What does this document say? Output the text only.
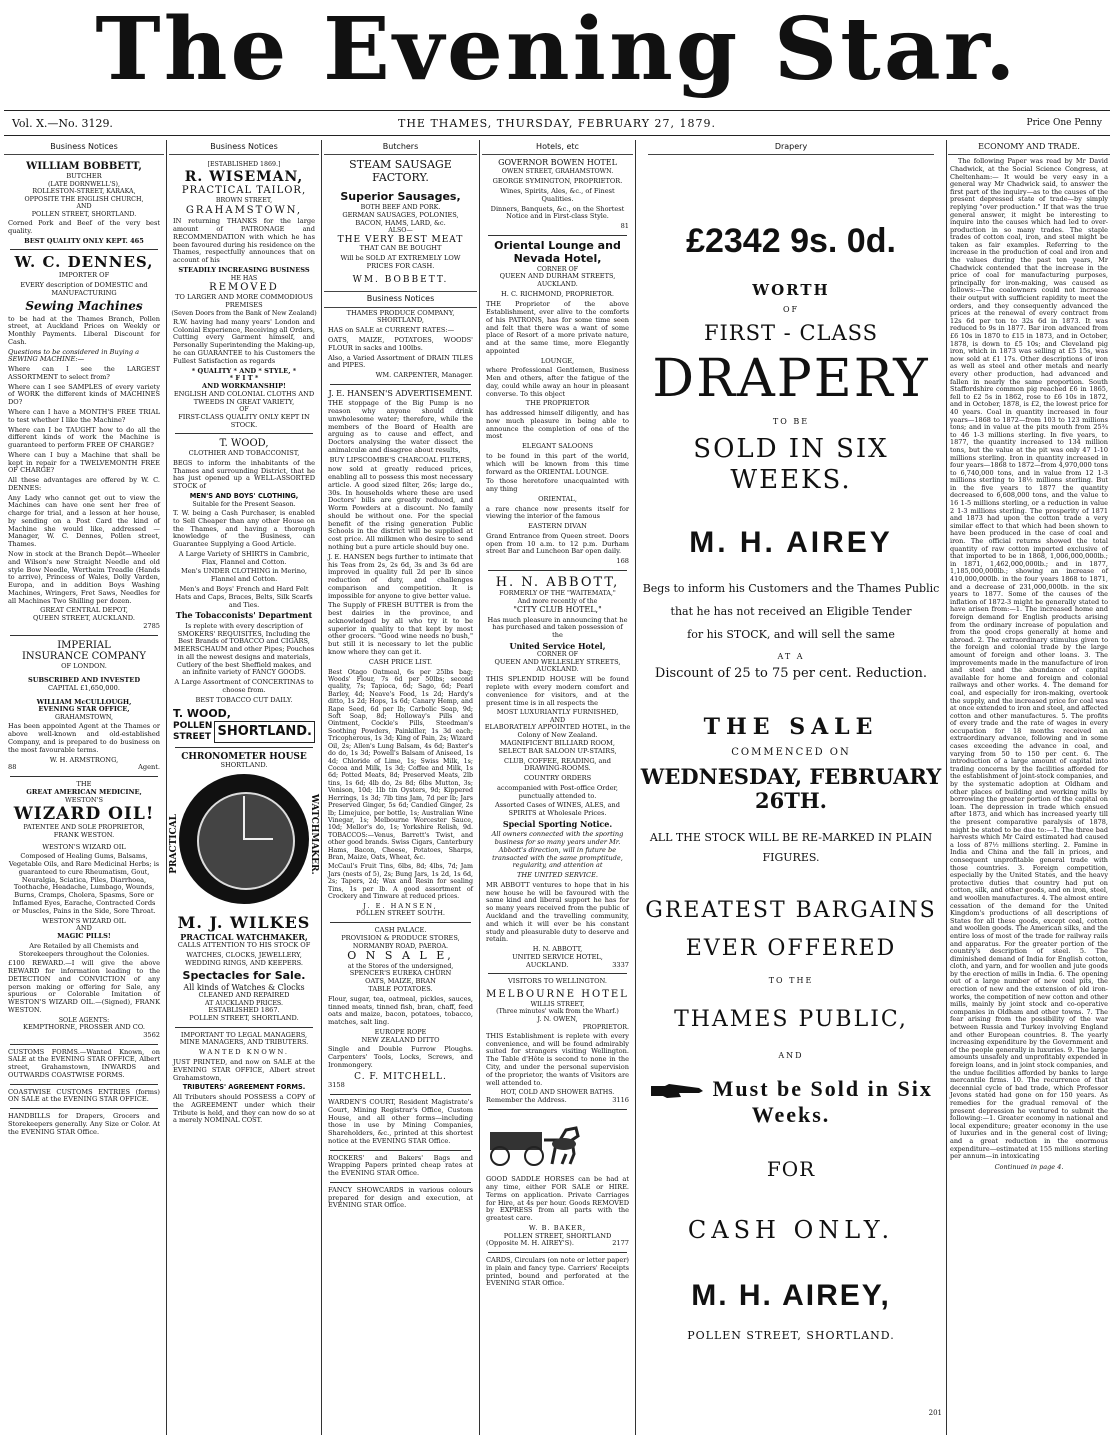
The Evening Star.
Vol. X.—No. 3129.	THE THAMES, THURSDAY, FEBRUARY 27, 1879.	Price One Penny
Business Notices
WILLIAM BOBBETT,
BUTCHER
(LATE DORNWELL'S),
ROLLESTON-STREET, KARAKA,
OPPOSITE THE ENGLISH CHURCH,
AND
POLLEN STREET, SHORTLAND.

Corned Pork and Beef of the very best quality.

BEST QUALITY ONLY KEPT. 465
W. C. DENNES,
IMPORTER OF

EVERY description of DOMESTIC and MANUFACTURING

Sewing Machines

to be had at the Thames Branch, Pollen street, at Auckland Prices on Weekly or Monthly Payments. Liberal Discount for Cash.

Questions to be considered in Buying a SEWING MACHINE:—

Where can I see the LARGEST ASSORTMENT to select from?

Where can I see SAMPLES of every variety of WORK the different kinds of MACHINES DO?

Where can I have a MONTH'S FREE TRIAL to test whether I like the Machine?

Where can I be TAUGHT how to do all the different kinds of work the Machine is guaranteed to perform FREE OF CHARGE?

Where can I buy a Machine that shall be kept in repair for a TWELVEMONTH FREE OF CHARGE?

All these advantages are offered by W. C. DENNES:

Any Lady who cannot get out to view the Machines can have one sent her free of charge for trial, and a lesson at her house, by sending on a Post Card the kind of Machine she would like, addressed — Manager, W. C. Dennes, Pollen street, Thames.

Now in stock at the Branch Depôt—Wheeler and Wilson's new Straight Needle and old style Bow Needle, Wertheim Treadle (Hands to arrive), Princess of Wales, Dolly Varden, Europa, and in addition Boys Washing Machines, Wringers, Fret Saws, Needles for all Machines Two Shilling per dozen.

GREAT CENTRAL DEPOT,
QUEEN STREET, AUCKLAND.
2785
IMPERIAL
INSURANCE COMPANY
OF LONDON.
SUBSCRIBED AND INVESTED
CAPITAL £1,650,000.
WILLIAM McCULLOUGH,
EVENING STAR OFFICE,
GRAHAMSTOWN,

Has been appointed Agent at the Thames or above well-known and old-established Company, and is prepared to do business on the most favourable terms.

W. H. ARMSTRONG,
88	Agent.
THE
GREAT AMERICAN MEDICINE,
WESTON'S
WIZARD OIL!
PATENTEE AND SOLE PROPRIETOR,
FRANK WESTON.
WESTON'S WIZARD OIL

Composed of Healing Gums, Balsams, Vegetable Oils, and Rare Medicinal Herbs; is guaranteed to cure Rheumatism, Gout, Neuralgia, Sciatica, Piles, Diarrhoea, Toothache, Headache, Lumbago, Wounds, Burns, Cramps, Cholera, Spasms, Sore or Inflamed Eyes, Earache, Contracted Cords or Muscles, Pains in the Side, Sore Throat.

WESTON'S WIZARD OIL
AND
MAGIC PILLS!

Are Retailed by all Chemists and Storekeepers throughout the Colonies.

£100 REWARD.—I will give the above REWARD for information leading to the DETECTION and CONVICTION of any person making or offering for Sale, any spurious or Colorable Imitation of WESTON'S WIZARD OIL.—(Signed), FRANK WESTON.

SOLE AGENTS:
KEMPTHORNE, PROSSER AND CO.
3562

CUSTOMS FORMS.—Wanted Known, on SALE at the EVENING STAR OFFICE, Albert street, Grahamstown, INWARDS and OUTWARDS COASTWISE FORMS.

COASTWISE CUSTOMS ENTRIES (forms) ON SALE at the EVENING STAR OFFICE.

HANDBILLS for Drapers, Grocers and Storekeepers generally. Any Size or Color. At the EVENING STAR Office.

Business Notices
[ESTABLISHED 1869.]
R. WISEMAN,
PRACTICAL TAILOR,
BROWN STREET,
GRAHAMSTOWN,

IN returning THANKS for the large amount of PATRONAGE and RECOMMENDATION with which he has been favoured during his residence on the Thames, respectfully announces that on account of his

STEADILY INCREASING BUSINESS
HE HAS
REMOVED
TO LARGER AND MORE COMMODIOUS PREMISES
(Seven Doors from the Bank of New Zealand)

R.W. having had many years' London and Colonial Experience, Receiving all Orders, Cutting every Garment himself, and Personally Superintending the Making-up, he can GUARANTEE to his Customers the Fullest Satisfaction as regards

* QUALITY * AND * STYLE, *
* F I T *
AND WORKMANSHIP!
ENGLISH AND COLONIAL CLOTHS AND TWEEDS IN GREAT VARIETY,
OF
FIRST-CLASS QUALITY ONLY KEPT IN STOCK.
T. WOOD,
CLOTHIER AND TOBACCONIST,

BEGS to inform the inhabitants of the Thames and surrounding District, that he has just opened up a WELL-ASSORTED STOCK of

MEN'S AND BOYS' CLOTHING,
Suitable for the Present Season.

T. W. being a Cash Purchaser, is enabled to Sell Cheaper than any other House on the Thames, and having a thorough knowledge of the Business, can Guarantee Supplying a Good Article.

A Large Variety of SHIRTS in Cambric, Flax, Flannel and Cotton.

Men's UNDER CLOTHING in Merino, Flannel and Cotton.

Men's and Boys' French and Hard Felt Hats and Caps, Braces, Belts, Silk Scarfs and Ties.

The Tobacconists' Department

Is replete with every description of SMOKERS' REQUISITES, Including the Best Brands of TOBACCO and CIGARS, MEERSCHAUM and other Pipes; Pouches in all the newest designs and materials, Cutlery of the best Sheffield makes, and an infinite variety of FANCY GOODS.

A Large Assortment of CONCERTINAS to choose from.

BEST TOBACCO CUT DAILY.
T. WOOD,
SHORTLAND.
POLLEN STREET
CHRONOMETER HOUSE
SHORTLAND.
PRACTICAL	WATCHMAKER.
M. J. WILKES
PRACTICAL WATCHMAKER,
CALLS ATTENTION TO HIS STOCK OF

WATCHES, CLOCKS, JEWELLERY, WEDDING RINGS, AND KEEPERS.

Spectacles for Sale.
All kinds of Watches & Clocks
CLEANED AND REPAIRED
AT AUCKLAND PRICES.
ESTABLISHED 1867.
POLLEN STREET, SHORTLAND.

IMPORTANT TO LEGAL MANAGERS, MINE MANAGERS, AND TRIBUTERS.

WANTED KNOWN.

JUST PRINTED, and now on SALE at the EVENING STAR OFFICE, Albert street Grahamstown,

TRIBUTERS' AGREEMENT FORMS.

All Tributers should POSSESS a COPY of the AGREEMENT under which their Tribute is held, and they can now do so at a merely NOMINAL COST.

Butchers
STEAM SAUSAGE FACTORY.
Superior Sausages,
BOTH BEEF AND PORK.
GERMAN SAUSAGES, POLONIES,
BACON, HAMS, LARD, &c.
ALSO—
THE VERY BEST MEAT
THAT CAN BE BOUGHT

Will be SOLD AT EXTREMELY LOW PRICES FOR CASH.

WM. BOBBETT.
Business Notices

THAMES PRODUCE COMPANY, SHORTLAND,

HAS on SALE at CURRENT RATES:—

OATS, MAIZE, POTATOES, WOODS' FLOUR in sacks and 100lbs.

Also, a Varied Assortment of DRAIN TILES and PIPES.

WM. CARPENTER, Manager.
J. E. HANSEN'S ADVERTISEMENT.

THE stoppage of the Big Pump is no reason why anyone should drink unwholesome water; therefore, while the members of the Board of Health are arguing as to cause and effect, and Doctors analysing the water dissect the animalculæ and disagree about results,

BUY LIPSCOMBE'S CHARCOAL FILTERS,

now sold at greatly reduced prices, enabling all to possess this most necessary article. A good sized filter, 26s; large do., 30s. In households where these are used Doctors' bills are greatly reduced, and Worm Powders at a discount. No family should be without one. For the special benefit of the rising generation Public Schools in the district will be supplied at cost price. All milkmen who desire to send nothing but a pure article should buy one.

J. E. HANSEN begs further to intimate that his Teas from 2s, 2s 6d, 3s and 3s 6d are improved in quality full 2d per lb since reduction of duty, and challenges comparison and competition. It is impossible for anyone to give better value.

The Supply of FRESH BUTTER is from the best dairies in the province, and acknowledged by all who try it to be superior in quality to that kept by most other grocers. "Good wine needs no bush," but still it is necessary to let the public know where they can get it.

CASH PRICE LIST.

Best Otago Oatmeal, 6s per 25lbs bag; Woods' Flour, 7s 6d per 50lbs; second quality, 7s; Tapioca, 6d; Sago, 6d; Pearl Barley, 4d; Neave's Food, 1s 2d; Hardy's ditto, 1s 2d; Hops, 1s 6d; Canary Hemp, and Rape Seed, 6d per lb; Carbolic Soap, 9d; Soft Soap, 8d; Holloway's Pills and Ointment, Cockle's Pills, Steedman's Soothing Powders, Painkiller, 1s 3d each; Tricopherous, 1s 3d; King of Pain, 2s; Wizard Oil, 2s; Allen's Lung Balsam, 4s 6d; Baxter's do do, 1s 3d; Powell's Balsam of Aniseed, 1s 4d; Chloride of Lime, 1s; Swiss Milk, 1s; Cocoa and Milk, 1s 3d; Coffee and Milk, 1s 6d; Potted Meats, 8d; Preserved Meats, 2lb tins, 1s 6d; 4lb do, 2s 8d; 6lbs Mutton, 3s; Venison, 10d; 1lb tin Oysters, 9d; Kippered Herrings, 1s 3d; 7lb tins Jam, 7d per lb; Jars Preserved Ginger, 5s 6d; Candied Ginger, 2s lb; Limejuice, per bottle, 1s; Australian Wine Vinegar, 1s; Melbourne Worcester Sauce, 10d; Mellor's do, 1s; Yorkshire Relish, 9d. TOBACCOS:—Venus, Barrett's Twist, and other good brands. Swiss Cigars, Canterbury Hams, Bacon, Cheese, Potatoes, Sharps, Bran, Maize, Oats, Wheat, &c.

McCaul's Fruit Tins, 6lbs, 8d; 4lbs, 7d; Jam Jars (nests of 5), 2s; Bung Jars, 1s 2d, 1s 6d, 2s; Tapers, 2d; Wax and Resin for sealing Tins, 1s per lb. A good assortment of Crockery and Tinware at reduced prices.

J. E. HANSEN,
POLLEN STREET SOUTH.
CASH PALACE.
PROVISION & PRODUCE STORES,
NORMANBY ROAD, PAEROA.
O N S A L E,
at the Stores of the undersigned,
SPENCER'S EUREKA CHURN
OATS, MAIZE, BRAN
TABLE POTATOES.

Flour, sugar, tea, oatmeal, pickles, sauces, tinned meats, tinned fish, bran, chaff, feed oats and maize, bacon, potatoes, tobacco, matches, salt ling.

EUROPE ROPE
NEW ZEALAND DITTO

Single and Double Furrow Ploughs. Carpenters' Tools, Locks, Screws, and Ironmongery.

C. F. MITCHELL.
3158

WARDEN'S COURT, Resident Magistrate's Court, Mining Registrar's Office, Custom House, and all other forms—including those in use by Mining Companies, Shareholders, &c., printed at this shortest notice at the EVENING STAR Office.

ROCKERS' and Bakers' Bags and Wrapping Papers printed cheap rates at the EVENING STAR Office.

FANCY SHOWCARDS in various colours prepared for design and execution, at EVENING STAR Office.

Hotels, etc
GOVERNOR BOWEN HOTEL
OWEN STREET, GRAHAMSTOWN.
GEORGE SYMINGTON, PROPRIETOR.

Wines, Spirits, Ales, &c., of Finest Qualities.

Dinners, Banquets, &c., on the Shortest Notice and in First-class Style.

81
Oriental Lounge and Nevada Hotel,
CORNER OF
QUEEN AND DURHAM STREETS,
AUCKLAND.
H. C. RICHMOND, PROPRIETOR.

THE Proprietor of the above Establishment, ever alive to the comforts of his PATRONS, has for some time seen and felt that there was a want of some place of Resort of a more private nature, and at the same time, more Elegantly appointed

LOUNGE,

where Professional Gentlemen, Business Men and others, after the fatigue of the day, could while away an hour in pleasant converse. To this object

THE PROPRIETOR

has addressed himself diligently, and has now much pleasure in being able to announce the completion of one of the most

ELEGANT SALOONS

to be found in this part of the world, which will be known from this time forward as the ORIENTAL LOUNGE.

To those heretofore unacquainted with any thing

ORIENTAL,

a rare chance now presents itself for viewing the interior of the famous

EASTERN DIVAN

Grand Entrance from Queen street. Doors open from 10 a.m. to 12 p.m. Durham street Bar and Luncheon Bar open daily.

168
H. N. ABBOTT,
FORMERLY OF THE "WAITEMATA,"
And more recently of the
"CITY CLUB HOTEL,"

Has much pleasure in announcing that he has purchased and taken possession of the

United Service Hotel,
CORNER OF
QUEEN AND WELLESLEY STREETS, AUCKLAND.

THIS SPLENDID HOUSE will be found replete with every modern comfort and convenience for visitors, and at the present time is in all respects the

MOST LUXURIANTLY FURNISHED,
AND
ELABORATELY APPOINTED HOTEL, in the Colony of New Zealand.
MAGNIFICENT BILLIARD ROOM,
SELECT BAR SALOON UP-STAIRS,

CLUB, COFFEE, READING, and DRAWING-ROOMS.

COUNTRY ORDERS

accompanied with Post-office Order, punctually attended to.

Assorted Cases of WINES, ALES, and SPIRITS at Wholesale Prices.

Special Sporting Notice.

All owners connected with the sporting business for so many years under Mr. Abbott's direction, will in future be transacted with the same promptitude, regularity, and attention at

THE UNITED SERVICE.

MR ABBOTT ventures to hope that in his new house he will be favoured with the same kind and liberal support he has for so many years received from the public of Auckland and the travelling community, and which it will ever be his constant study and pleasurable duty to deserve and retain.

H. N. ABBOTT,
UNITED SERVICE HOTEL,
AUCKLAND.	3337
VISITORS TO WELLINGTON.
MELBOURNE HOTEL
WILLIS STREET,
(Three minutes' walk from the Wharf.)
J. N. OWEN,
PROPRIETOR.

THIS Establishment is replete with every convenience, and will be found admirably suited for strangers visiting Wellington. The Table d'Hôte is second to none in the City, and under the personal supervision of the proprietor, the wants of Visitors are well attended to.

HOT, COLD AND SHOWER BATHS.
Remember the Address.	3116

GOOD SADDLE HORSES can be had at any time, either FOR SALE or HIRE. Terms on application. Private Carriages for Hire, at 4s per hour. Goods REMOVED by EXPRESS from all parts with the greatest care.

W. B. BAKER,
POLLEN STREET, SHORTLAND
(Opposite M. H. AIREY'S).	2177

CARDS, Circulars (on note or letter paper) in plain and fancy type. Carriers' Receipts printed, bound and perforated at the EVENING STAR Office.

Drapery
£2342 9s. 0d.
WORTH
OF
FIRST - CLASS
DRAPERY
TO BE
SOLD IN SIX WEEKS.
M. H. AIREY
Begs to inform his Customers and the Thames Public
that he has not received an Eligible Tender
for his STOCK, and will sell the same
AT A
Discount of 25 to 75 per cent. Reduction.
THE SALE
COMMENCED ON
WEDNESDAY, FEBRUARY 26TH.
ALL THE STOCK WILL BE RE-MARKED IN PLAIN
FIGURES.
GREATEST BARGAINS
EVER OFFERED
TO THE
THAMES PUBLIC,
AND
Must be Sold in Six Weeks.
FOR
CASH ONLY.
M. H. AIREY,
POLLEN STREET, SHORTLAND.
201
ECONOMY AND TRADE.

The following Paper was read by Mr David Chadwick, at the Social Science Congress, at Cheltenham:— It would be very easy in a general way Mr Chadwick said, to answer the first part of the inquiry—as to the causes of the present depressed state of trade—by simply replying "over production." If that was the true general answer, it might be interesting to inquire into the causes which had led to over-production in so many trades. The staple trades of cotton coal, iron, and steel might be taken as fair examples. Referring to the increase in the production of coal and iron and the values during the past ten years, Mr Chadwick contended that the increase in the price of coal for manufacturing purposes, principally for iron-making, was caused as follows:—The coalowners could not increase their output with sufficient rapidity to meet the orders, and they consequently advanced the prices at the renewal of every contract from 12s 6d per ton to 32s 6d in 1873. It was reduced to 9s in 1877. Bar iron advanced from £6 10s in 1870 to £15 in 1873, and in October, 1878, is down to £5 10s; and Cleveland pig iron, which in 1873 was selling at £5 15s, was now sold at £1 17s. Other descriptions of iron as well as steel and other metals and nearly every other production, had advanced and fallen in nearly the same proportion. South Staffordshire common pig reached £6 in 1865, fell to £2 5s in 1862, rose to £6 10s in 1872, and in October, 1878, is £2, the lowest price for 40 years. Coal in quantity increased in four years—1868 to 1872—from 103 to 123 millions tons; and in value at the pits mouth from 25¾ to 46 1-3 millions sterling. In five years, to 1877, the quantity increased to 134 million tons, but the value at the pit was only 47 1-10 millions sterling. Iron in quantity increased in four years—1868 to 1872—from 4,970,000 tons to 6,740,000 tons, and in value from 12 1-3 millions sterling to 18½ millions sterling. But in the five years to 1877 the quantity decreased to 6,608,000 tons, and the value to 16 1-5 millions sterling, or a reduction in value 2 1-3 millions sterling. The prosperity of 1871 and 1873 had upon the cotton trade a very similar effect to that which had been shown to have been produced in the case of coal and iron. The official returns showed the total quantity of raw cotton imported exclusive of that imported to be in 1868, 1,006,000,000lb.; in 1871, 1,462,000,000lb.; and in 1877, 1,185,000,000lb.; showing an increase of 410,000,000lb. in the four years 1868 to 1871, and a decrease of 231,000,000lb. in the six years to 1877. Some of the causes of the inflation of 1872-3 might be generally stated to have arisen from:—1. The increased home and foreign demand for English products arising from the ordinary increase of population and from the good crops generally at home and abroad. 2. The extraordinary stimulus given to the foreign and colonial trade by the large amount of foreign and other loans. 3. The improvements made in the manufacture of iron and steel and the abundance of capital available for home and foreign and colonial railways and other works. 4. The demand for coal, and especially for iron-making, overtook the supply, and the increased price for coal was at once extended to iron and steel, and affected cotton and other manufactures. 5. The profits of every trade and the rate of wages in every occupation for 18 months received an extraordinary advance, following and in some cases exceeding the advance in coal, and varying from 50 to 150 per cent. 6. The introduction of a large amount of capital into trading concerns by the facilities afforded for the establishment of joint-stock companies, and by the systematic adoption at Oldham and other places of building and working mills by borrowing the greater portion of the capital on loan. The depression in trade which ensued after 1873, and which has increased yearly till the present comparative paralysis of 1878, might be stated to be due to:—1. The three bad harvests which Mr Caird estimated had caused a loss of 87½ millions sterling. 2. Famine in India and China and the fall in prices, and consequent unprofitable general trade with those countries. 3. Foreign competition, especially by the United States, and the heavy protective duties that country had put on cotton, silk, and other goods, and on iron, steel, and woollen manufactures. 4. The almost entire cessation of the demand for the United Kingdom's productions of all descriptions of States for all these goods, except coal, cotton and woollen goods. The American silks, and the entire loss of most of the trade for railway rails and apparatus. For the greater portion of the country's description of steel. 5. The diminished demand of India for English cotton, cloth, and yarn, and for woollen and jute goods by the erection of mills in India. 6. The opening out of a large number of new coal pits, the erection of new and the extension of old iron-works, the competition of new cotton and other mills, mainly by joint stock and co-operative companies in Oldham and other towns. 7. The fear arising from the possibility of the war between Russia and Turkey involving England and other European countries. 8. The yearly increasing expenditure by the Government and of the people generally in luxuries. 9. The large amounts unsafely and unprofitably expended in foreign loans, and in joint stock companies, and the undue facilities afforded by banks to large mercantile firms. 10. The recurrence of that decennial cycle of bad trade, which Professor Jevons stated had gone on for 150 years. As remedies for the gradual removal of the present depression he ventured to submit the following:—1. Greater economy in national and local expenditure; greater economy in the use of luxuries and in the general cost of living; and a great reduction in the enormous expenditure—estimated at 155 millions sterling per annum—in intoxicating

Continued in page 4.
